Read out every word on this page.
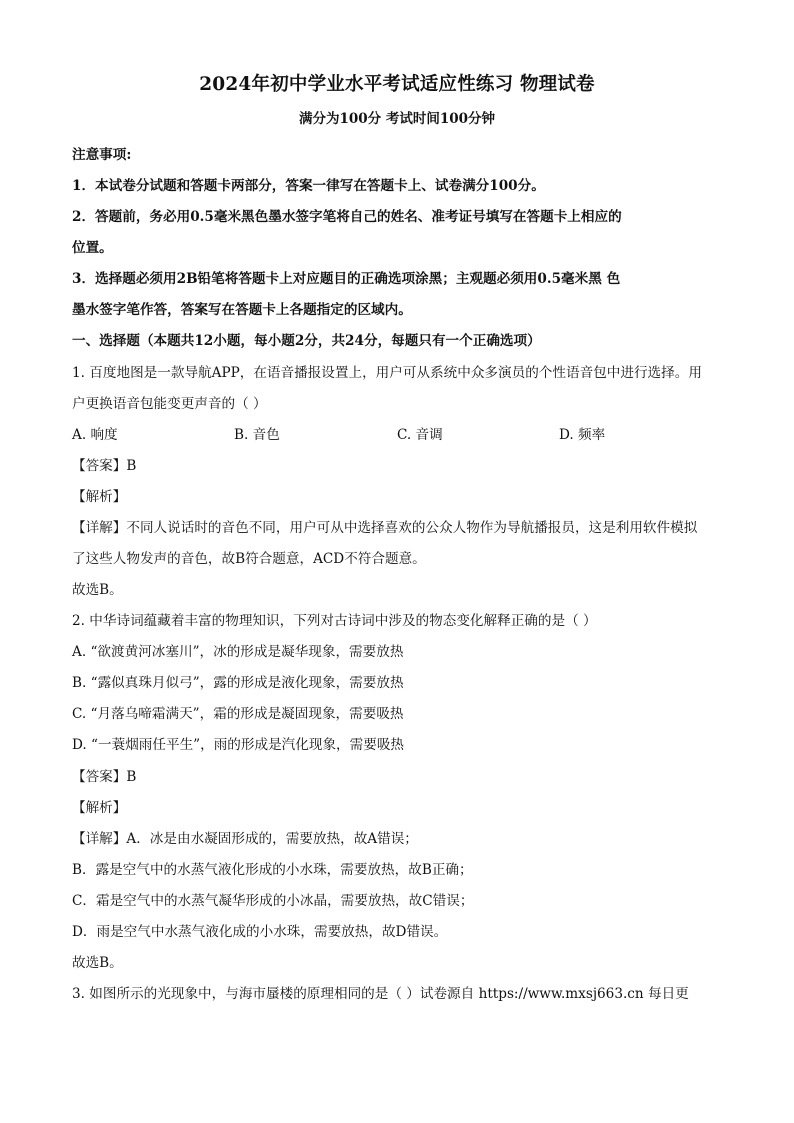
2024年初中学业水平考试适应性练习 物理试卷
满分为100分 考试时间100分钟
注意事项:
1．本试卷分试题和答题卡两部分，答案一律写在答题卡上、试卷满分100分。
2．答题前，务必用0.5毫米黑色墨水签字笔将自己的姓名、准考证号填写在答题卡上相应的
位置。
3．选择题必须用2B铅笔将答题卡上对应题目的正确选项涂黑；主观题必须用0.5毫米黑 色
墨水签字笔作答，答案写在答题卡上各题指定的区域内。
一、选择题（本题共12小题，每小题2分，共24分，每题只有一个正确选项）
1. 百度地图是一款导航APP，在语音播报设置上，用户可从系统中众多演员的个性语音包中进行选择。用
户更换语音包能变更声音的（ ）
A. 响度	B. 音色	C. 音调	D. 频率
【答案】B
【解析】
【详解】不同人说话时的音色不同，用户可从中选择喜欢的公众人物作为导航播报员，这是利用软件模拟
了这些人物发声的音色，故B符合题意，ACD不符合题意。
故选B。
2. 中华诗词蕴藏着丰富的物理知识，下列对古诗词中涉及的物态变化解释正确的是（ ）
A. “欲渡黄河冰塞川”，冰的形成是凝华现象，需要放热
B. “露似真珠月似弓”，露的形成是液化现象，需要放热
C. “月落乌啼霜满天”，霜的形成是凝固现象，需要吸热
D. “一蓑烟雨任平生”，雨的形成是汽化现象，需要吸热
【答案】B
【解析】
【详解】A．冰是由水凝固形成的，需要放热，故A错误；
B．露是空气中的水蒸气液化形成的小水珠，需要放热，故B正确；
C．霜是空气中的水蒸气凝华形成的小冰晶，需要放热，故C错误；
D．雨是空气中水蒸气液化成的小水珠，需要放热，故D错误。
故选B。
3. 如图所示的光现象中，与海市蜃楼的原理相同的是（ ）试卷源自 https://www.mxsj663.cn 每日更
